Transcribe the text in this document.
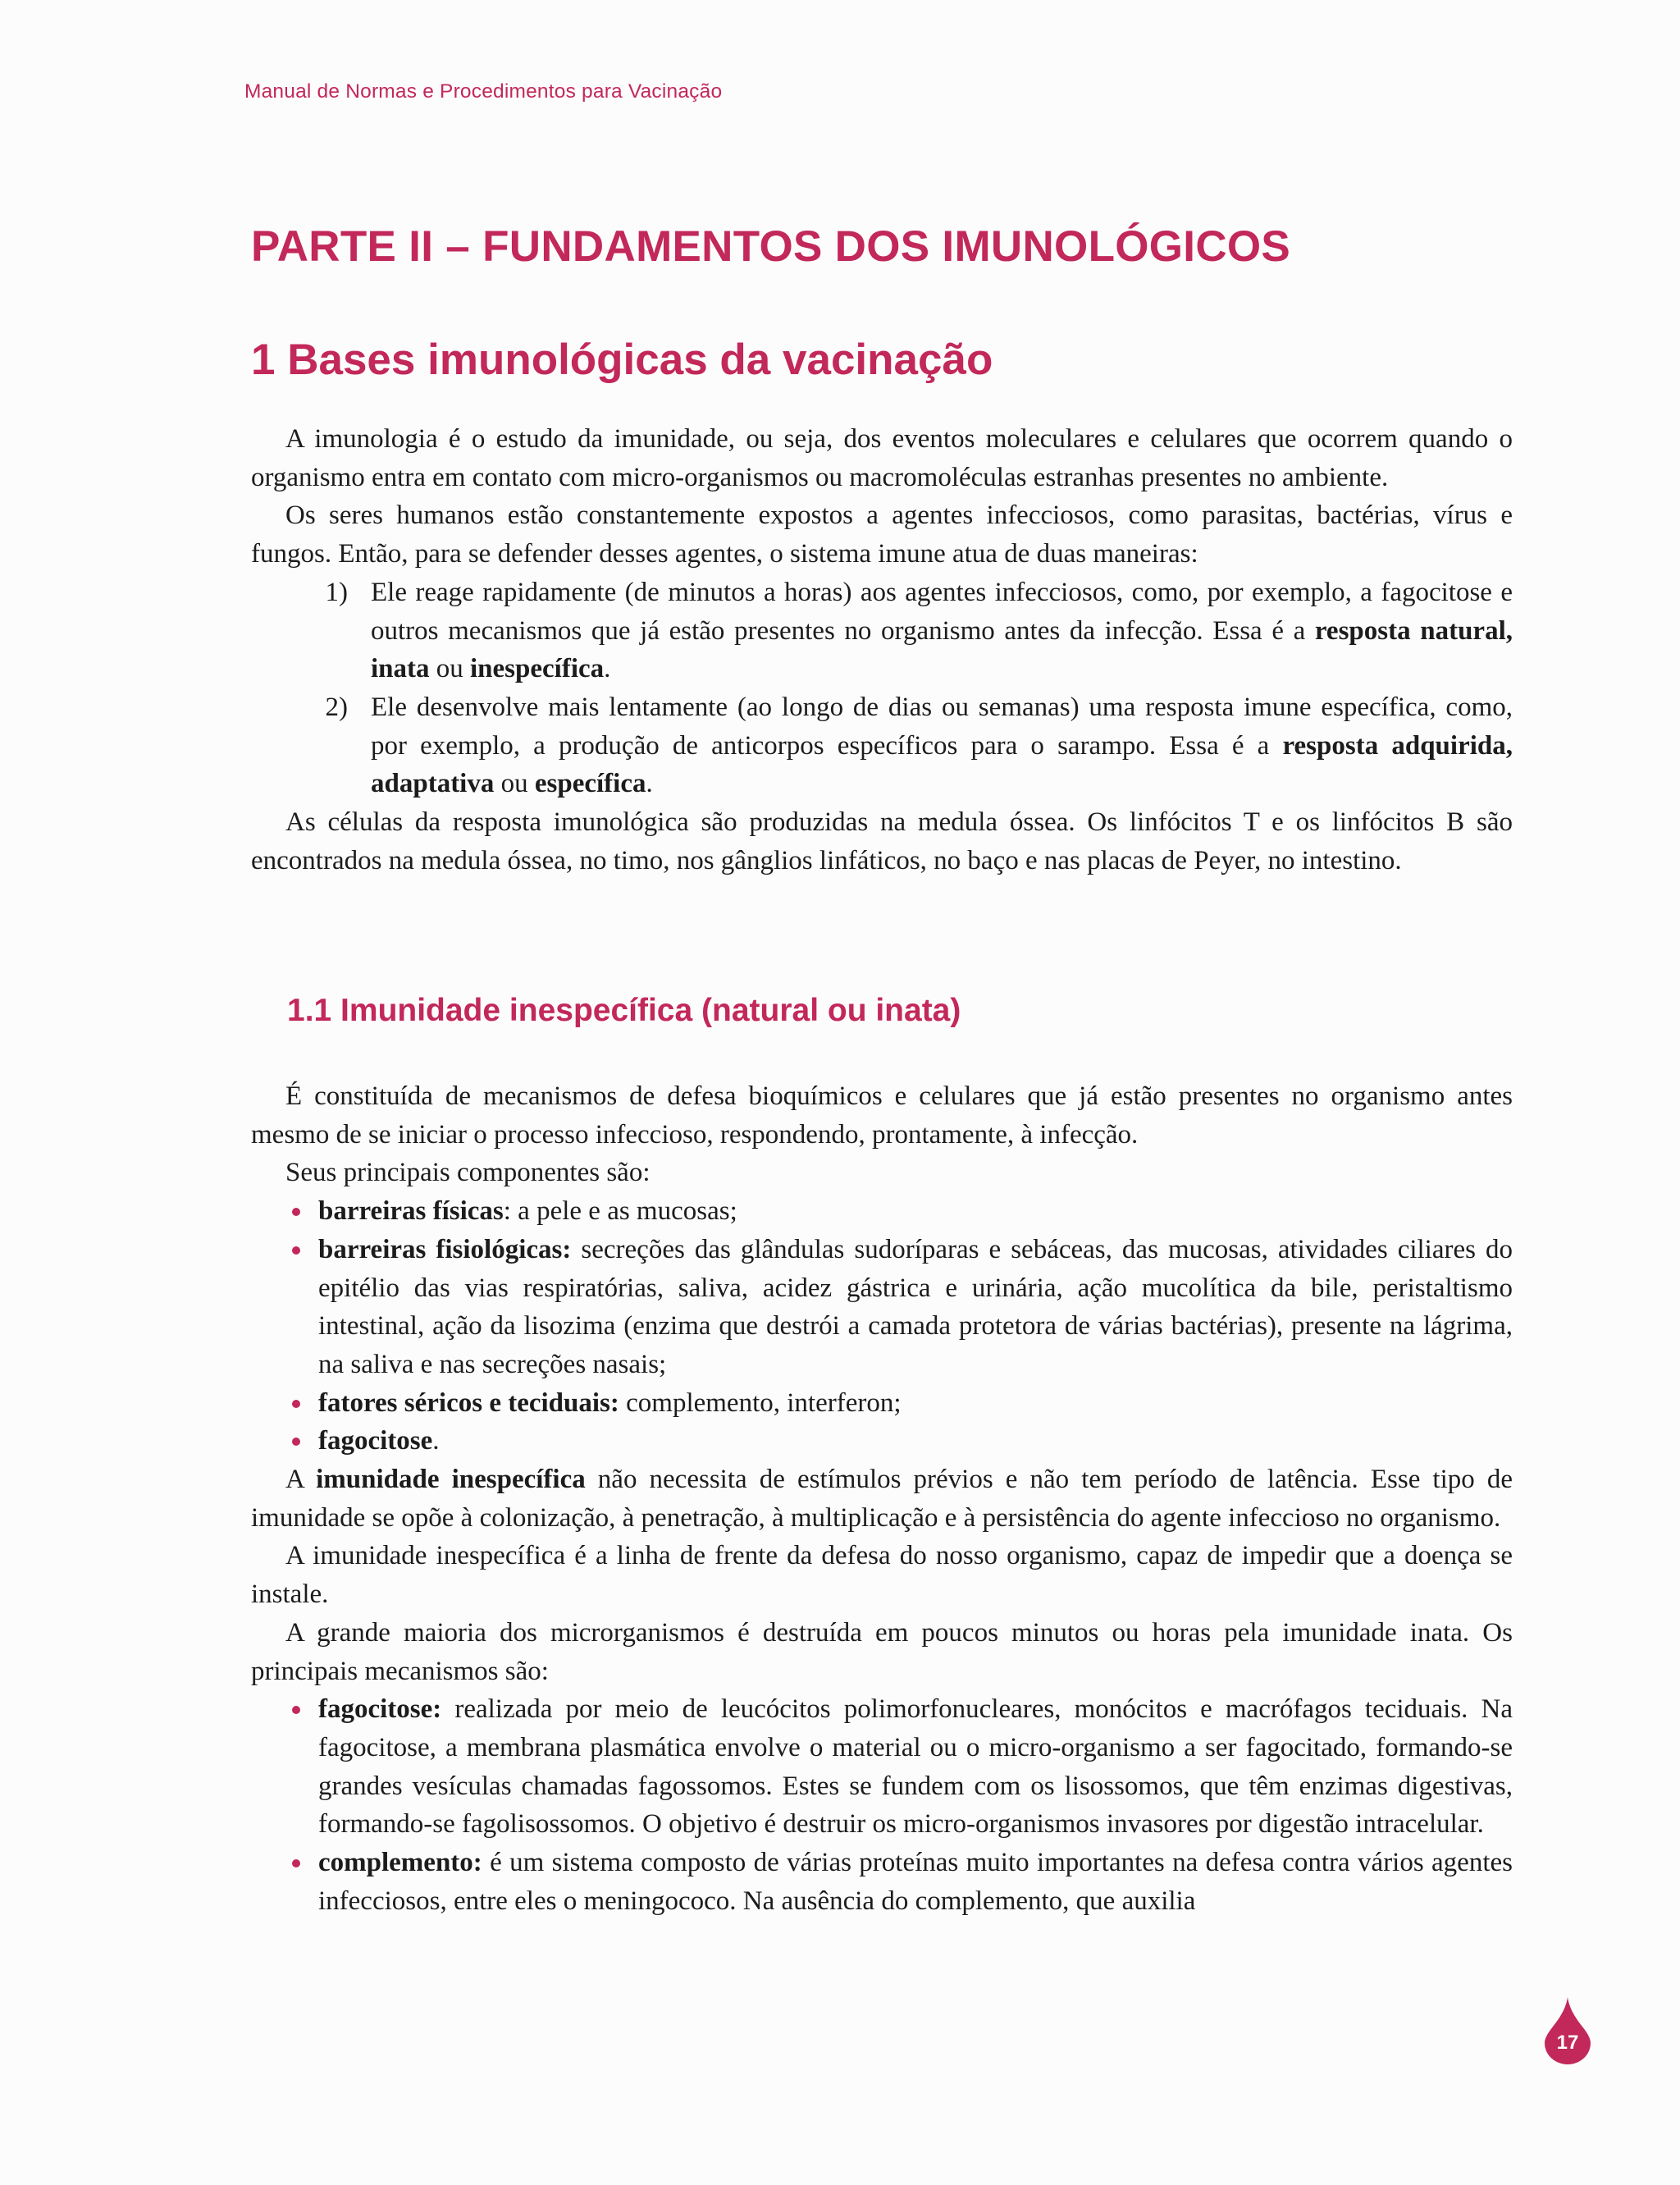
Manual de Normas e Procedimentos para Vacinação
PARTE II – FUNDAMENTOS DOS IMUNOLÓGICOS
1 Bases imunológicas da vacinação

A imunologia é o estudo da imunidade, ou seja, dos eventos moleculares e celulares que ocorrem quando o organismo entra em contato com micro-organismos ou macromoléculas estranhas presentes no ambiente.

Os seres humanos estão constantemente expostos a agentes infecciosos, como parasitas, bactérias, vírus e fungos. Então, para se defender desses agentes, o sistema imune atua de duas maneiras:

1) Ele reage rapidamente (de minutos a horas) aos agentes infecciosos, como, por exemplo, a fagocitose e outros mecanismos que já estão presentes no organismo antes da infecção. Essa é a resposta natural, inata ou inespecífica.
2) Ele desenvolve mais lentamente (ao longo de dias ou semanas) uma resposta imune específica, como, por exemplo, a produção de anticorpos específicos para o sarampo. Essa é a resposta adquirida, adaptativa ou específica.

As células da resposta imunológica são produzidas na medula óssea. Os linfócitos T e os linfócitos B são encontrados na medula óssea, no timo, nos gânglios linfáticos, no baço e nas placas de Peyer, no intestino.

1.1 Imunidade inespecífica (natural ou inata)

É constituída de mecanismos de defesa bioquímicos e celulares que já estão presentes no organismo antes mesmo de se iniciar o processo infeccioso, respondendo, prontamente, à infecção.

Seus principais componentes são:

barreiras físicas: a pele e as mucosas;
barreiras fisiológicas: secreções das glândulas sudoríparas e sebáceas, das mucosas, atividades ciliares do epitélio das vias respiratórias, saliva, acidez gástrica e urinária, ação mucolítica da bile, peristaltismo intestinal, ação da lisozima (enzima que destrói a camada protetora de várias bactérias), presente na lágrima, na saliva e nas secreções nasais;
fatores séricos e teciduais: complemento, interferon;
fagocitose.

A imunidade inespecífica não necessita de estímulos prévios e não tem período de latência. Esse tipo de imunidade se opõe à colonização, à penetração, à multiplicação e à persistência do agente infeccioso no organismo.

A imunidade inespecífica é a linha de frente da defesa do nosso organismo, capaz de impedir que a doença se instale.

A grande maioria dos microrganismos é destruída em poucos minutos ou horas pela imunidade inata. Os principais mecanismos são:

fagocitose: realizada por meio de leucócitos polimorfonucleares, monócitos e macrófagos teciduais. Na fagocitose, a membrana plasmática envolve o material ou o micro-organismo a ser fagocitado, formando-se grandes vesículas chamadas fagossomos. Estes se fundem com os lisossomos, que têm enzimas digestivas, formando-se fagolisossomos. O objetivo é destruir os micro-organismos invasores por digestão intracelular.
complemento: é um sistema composto de várias proteínas muito importantes na defesa contra vários agentes infecciosos, entre eles o meningococo. Na ausência do complemento, que auxilia
17
